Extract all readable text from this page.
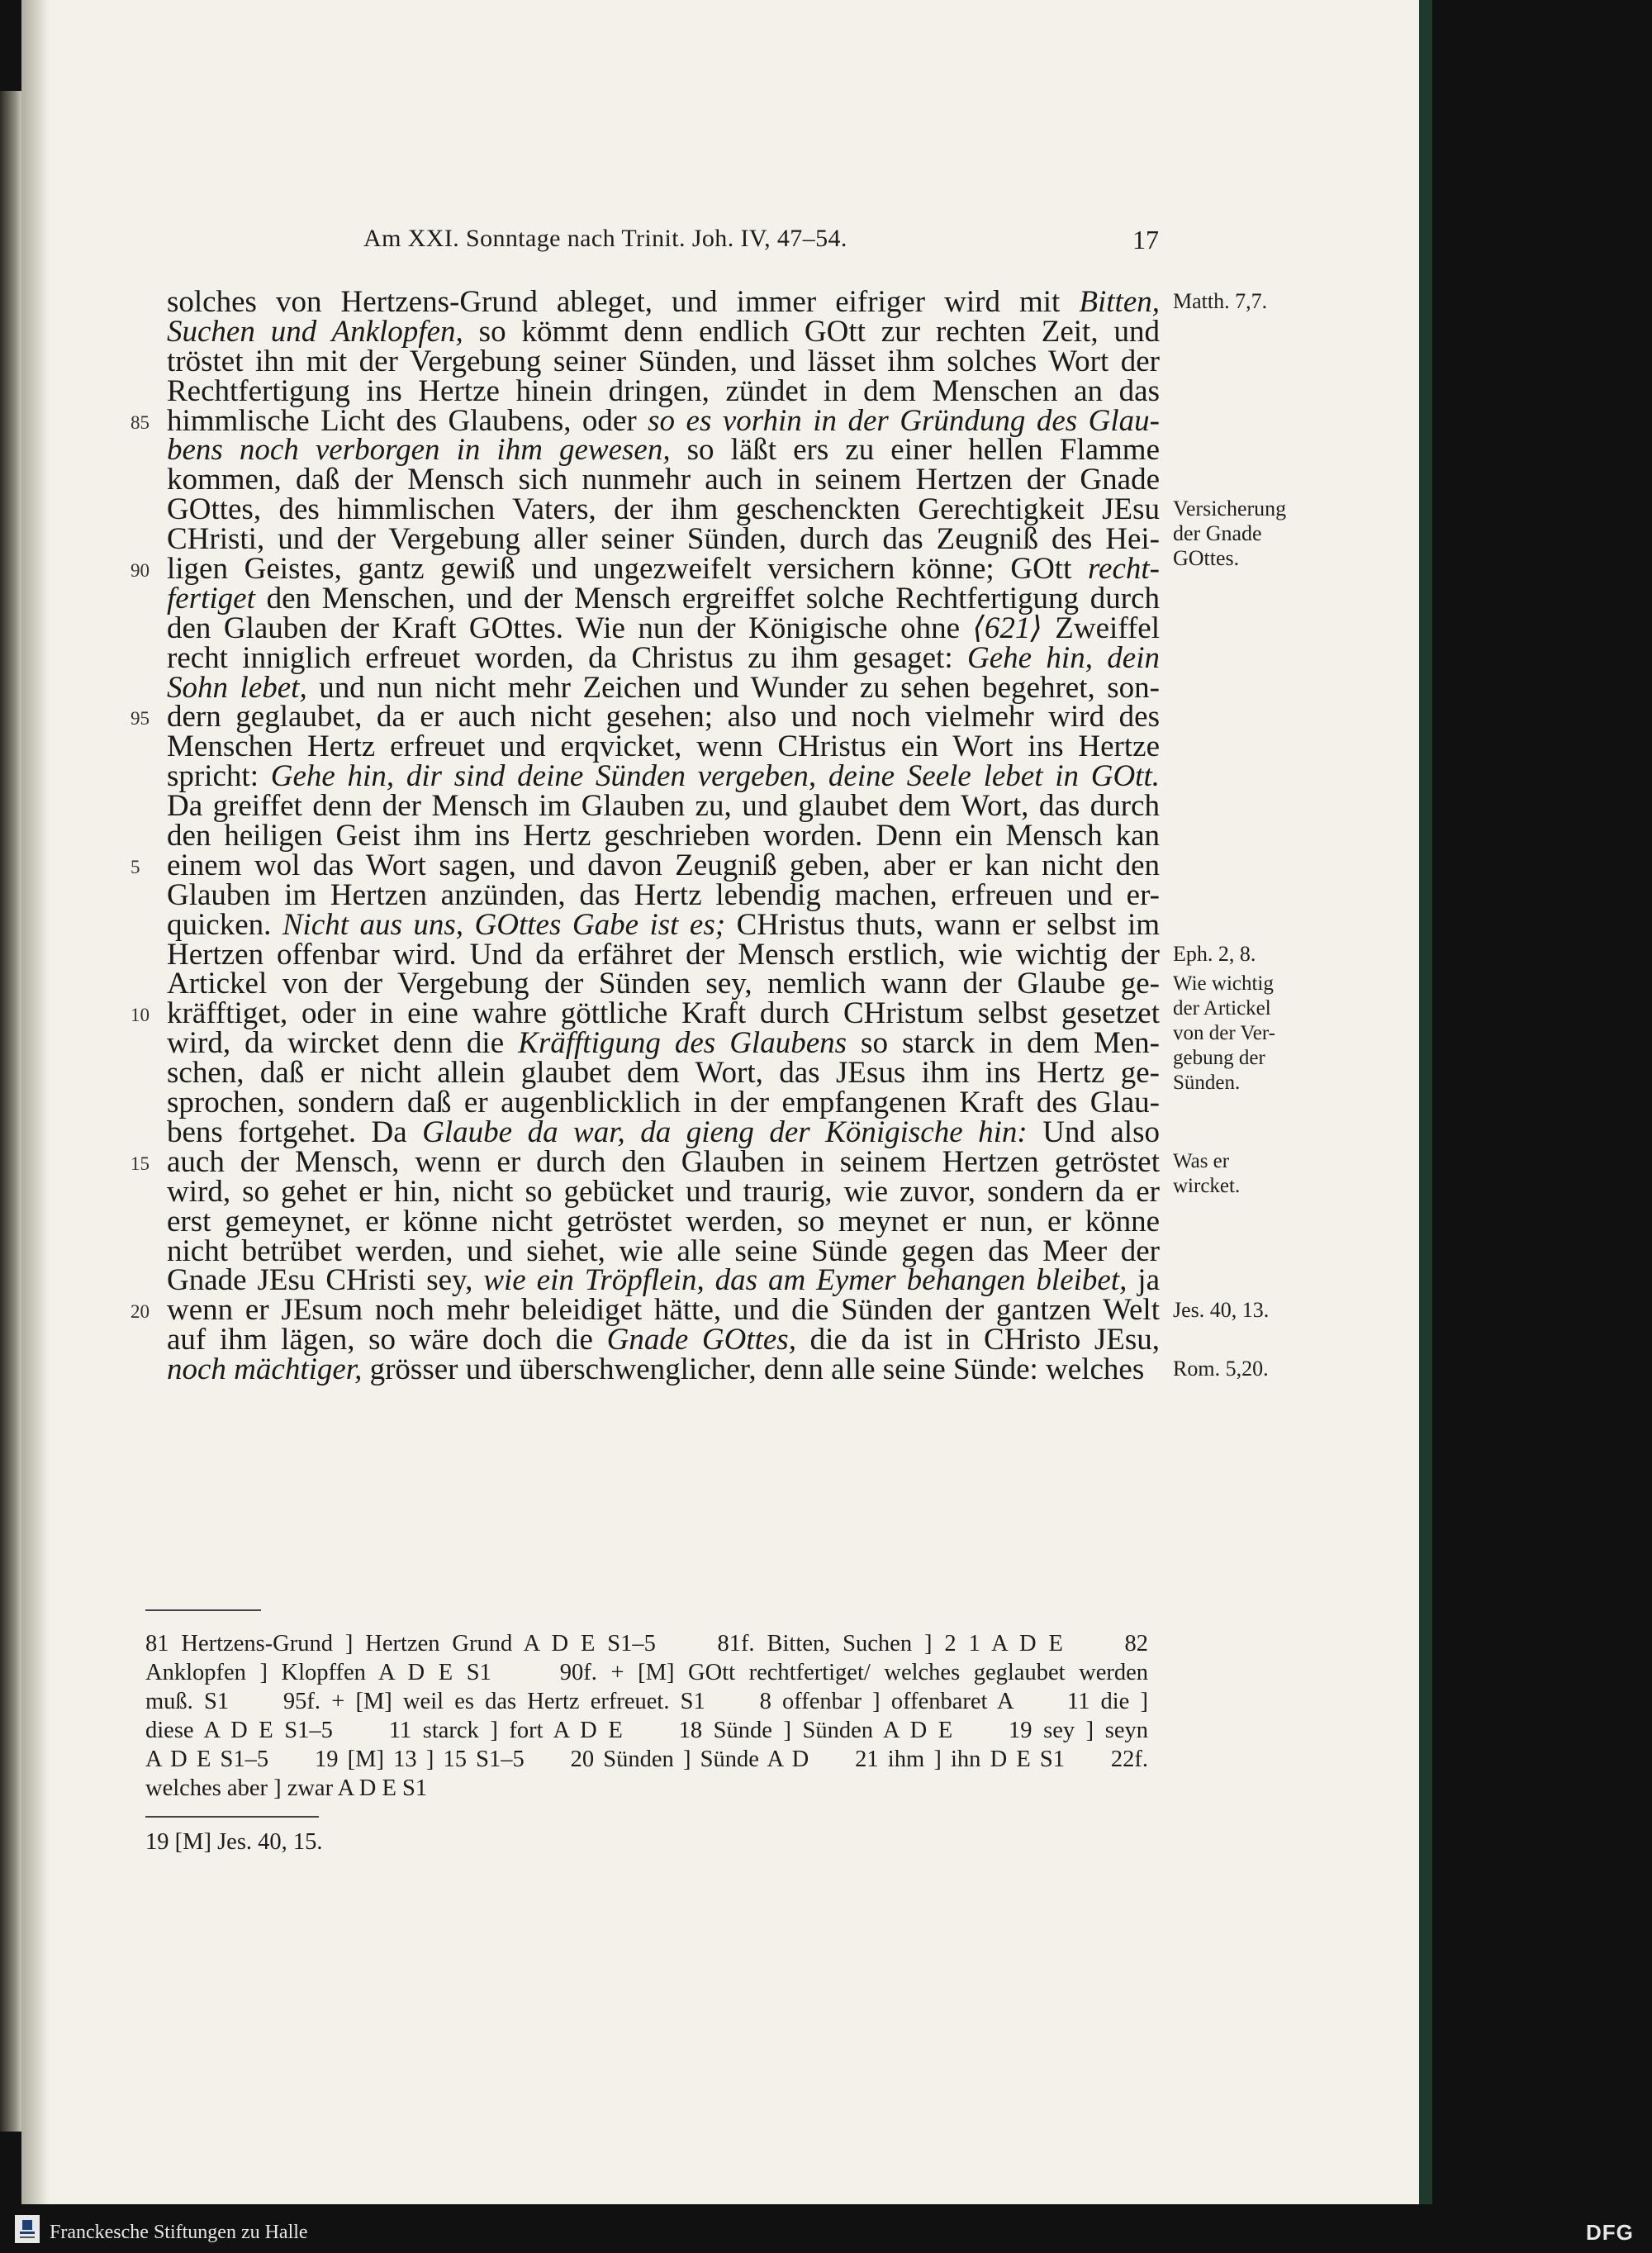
Am XXI. Sonntage nach Trinit. Joh. IV, 47–54.	17
solches von Hertzens-Grund ableget, und immer eifriger wird mit Bitten,
Suchen und Anklopfen, so kömmt denn endlich GOtt zur rechten Zeit, und
tröstet ihn mit der Vergebung seiner Sünden, und lässet ihm solches Wort der
Rechtfertigung ins Hertze hinein dringen, zündet in dem Menschen an das
85 himmlische Licht des Glaubens, oder so es vorhin in der Gründung des Glau-
bens noch verborgen in ihm gewesen, so läßt ers zu einer hellen Flamme
kommen, daß der Mensch sich nunmehr auch in seinem Hertzen der Gnade
GOttes, des himmlischen Vaters, der ihm geschenckten Gerechtigkeit JEsu
CHristi, und der Vergebung aller seiner Sünden, durch das Zeugniß des Hei-
90 ligen Geistes, gantz gewiß und ungezweifelt versichern könne; GOtt recht-
fertiget den Menschen, und der Mensch ergreiffet solche Rechtfertigung durch
den Glauben der Kraft GOttes. Wie nun der Königische ohne ⟨621⟩ Zweiffel
recht inniglich erfreuet worden, da Christus zu ihm gesaget: Gehe hin, dein
Sohn lebet, und nun nicht mehr Zeichen und Wunder zu sehen begehret, son-
95 dern geglaubet, da er auch nicht gesehen; also und noch vielmehr wird des
Menschen Hertz erfreuet und erqvicket, wenn CHristus ein Wort ins Hertze
spricht: Gehe hin, dir sind deine Sünden vergeben, deine Seele lebet in GOtt.
Da greiffet denn der Mensch im Glauben zu, und glaubet dem Wort, das durch
den heiligen Geist ihm ins Hertz geschrieben worden. Denn ein Mensch kan
5 einem wol das Wort sagen, und davon Zeugniß geben, aber er kan nicht den
Glauben im Hertzen anzünden, das Hertz lebendig machen, erfreuen und er-
quicken. Nicht aus uns, GOttes Gabe ist es; CHristus thuts, wann er selbst im
Hertzen offenbar wird. Und da erfähret der Mensch erstlich, wie wichtig der
Artickel von der Vergebung der Sünden sey, nemlich wann der Glaube ge-
10 kräfftiget, oder in eine wahre göttliche Kraft durch CHristum selbst gesetzet
wird, da wircket denn die Kräfftigung des Glaubens so starck in dem Men-
schen, daß er nicht allein glaubet dem Wort, das JEsus ihm ins Hertz ge-
sprochen, sondern daß er augenblicklich in der empfangenen Kraft des Glau-
bens fortgehet. Da Glaube da war, da gieng der Königische hin: Und also
15 auch der Mensch, wenn er durch den Glauben in seinem Hertzen getröstet
wird, so gehet er hin, nicht so gebücket und traurig, wie zuvor, sondern da er
erst gemeynet, er könne nicht getröstet werden, so meynet er nun, er könne
nicht betrübet werden, und siehet, wie alle seine Sünde gegen das Meer der
Gnade JEsu CHristi sey, wie ein Tröpflein, das am Eymer behangen bleibet, ja
20 wenn er JEsum noch mehr beleidiget hätte, und die Sünden der gantzen Welt
auf ihm lägen, so wäre doch die Gnade GOttes, die da ist in CHristo JEsu,
noch mächtiger, grösser und überschwenglicher, denn alle seine Sünde: welches
Matth. 7,7.
Versicherung
der Gnade
GOttes.
Eph. 2, 8.
Wie wichtig
der Artickel
von der Ver-
gebung der
Sünden.
Was er
wircket.
Jes. 40, 13.
Rom. 5,20.
81 Hertzens-Grund ] Hertzen Grund A D E S1–5     81f. Bitten, Suchen ] 2 1 A D E     82
Anklopfen ] Klopffen A D E S1     90f. + [M] GOtt rechtfertiget/ welches geglaubet werden
muß. S1     95f. + [M] weil es das Hertz erfreuet. S1     8 offenbar ] offenbaret A     11 die ]
diese A D E S1–5     11 starck ] fort A D E     18 Sünde ] Sünden A D E     19 sey ] seyn
A D E S1–5     19 [M] 13 ] 15 S1–5     20 Sünden ] Sünde A D     21 ihm ] ihn D E S1     22f.
welches aber ] zwar A D E S1
19 [M] Jes. 40, 15.
Franckesche Stiftungen zu Halle	DFG
